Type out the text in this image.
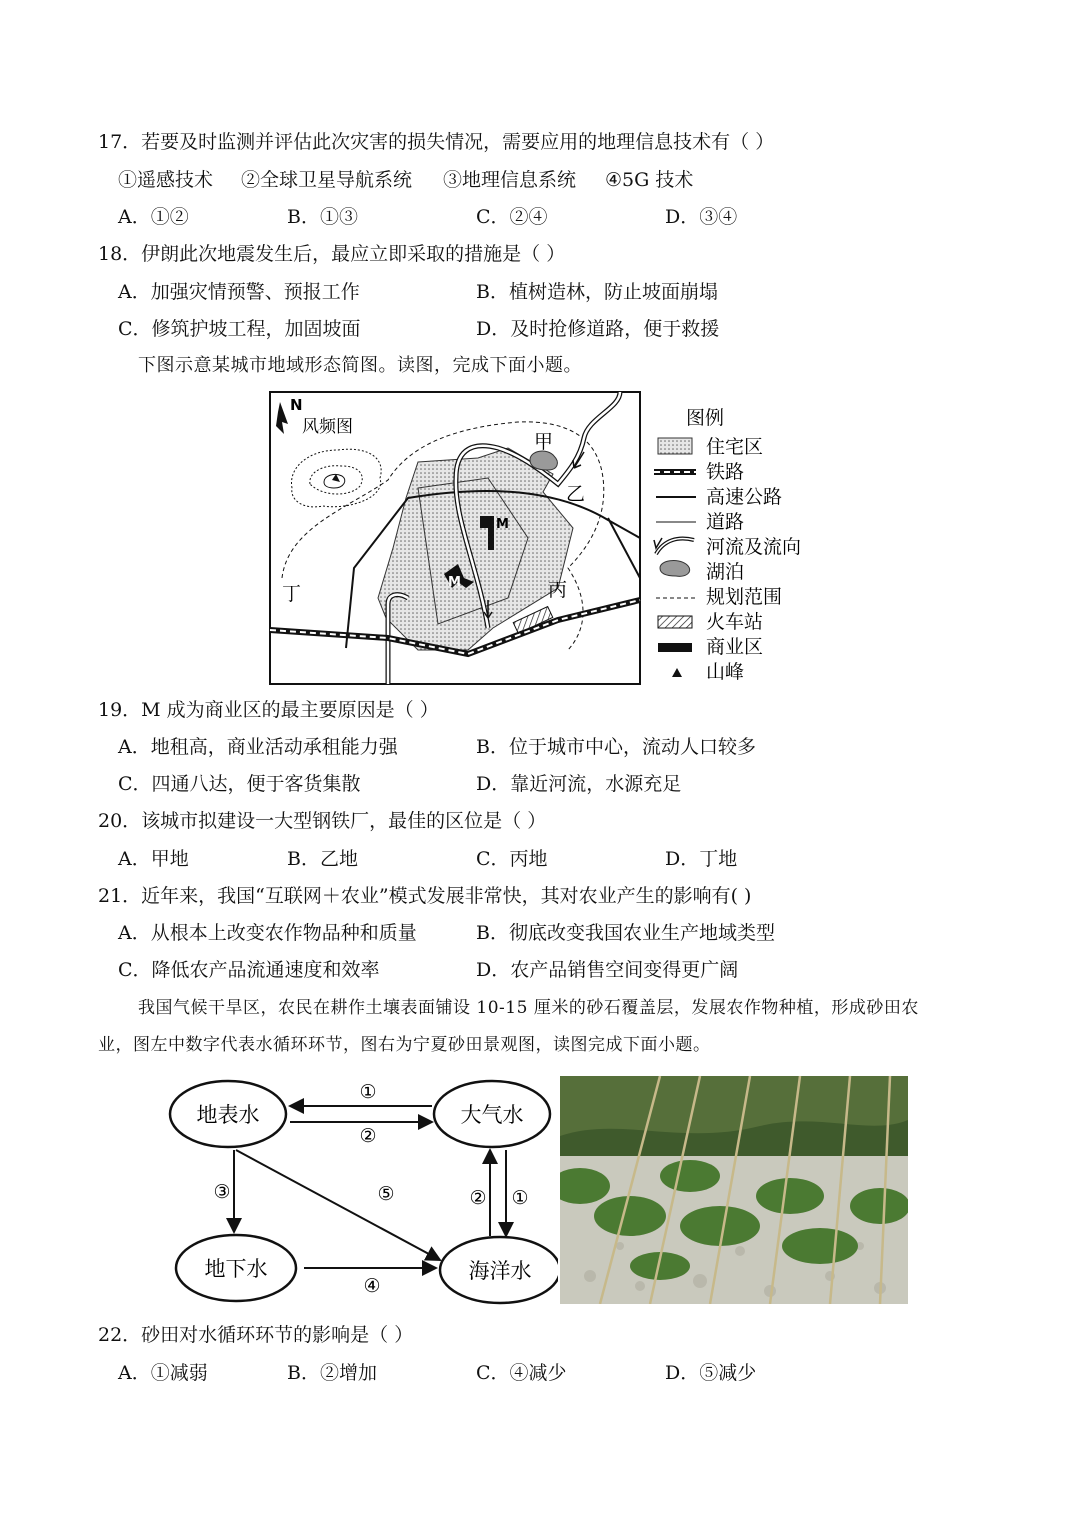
17．若要及时监测并评估此次灾害的损失情况，需要应用的地理信息技术有（ ）
①遥感技术 ②全球卫星导航系统 ③地理信息系统 ④5G 技术
A．①②	B．①③	C．②④	D．③④
18．伊朗此次地震发生后，最应立即采取的措施是（ ）
A．加强灾情预警、预报工作	B．植树造林，防止坡面崩塌
C．修筑护坡工程，加固坡面	D．及时抢修道路，便于救援
下图示意某城市地域形态简图。读图，完成下面小题。
N
风频图
M
M
甲
乙
丙
丁
图例
住宅区
铁路
高速公路
道路
河流及流向
湖泊
规划范围
火车站
商业区
山峰
19．M 成为商业区的最主要原因是（ ）
A．地租高，商业活动承租能力强	B．位于城市中心，流动人口较多
C．四通八达，便于客货集散	D．靠近河流，水源充足
20．该城市拟建设一大型钢铁厂，最佳的区位是（ ）
A．甲地	B．乙地	C．丙地	D．丁地
21．近年来，我国“互联网＋农业”模式发展非常快，其对农业产生的影响有( )
A．从根本上改变农作物品种和质量	B．彻底改变我国农业生产地域类型
C．降低农产品流通速度和效率	D．农产品销售空间变得更广阔
我国气候干旱区，农民在耕作土壤表面铺设 10-15 厘米的砂石覆盖层，发展农作物种植，形成砂田农
业，图左中数字代表水循环环节，图右为宁夏砂田景观图，读图完成下面小题。
地表水	大气水
地下水	海洋水
①
②
③	⑤
④
② ①
22．砂田对水循环环节的影响是（ ）
A．①减弱	B．②增加	C．④减少	D．⑤减少
